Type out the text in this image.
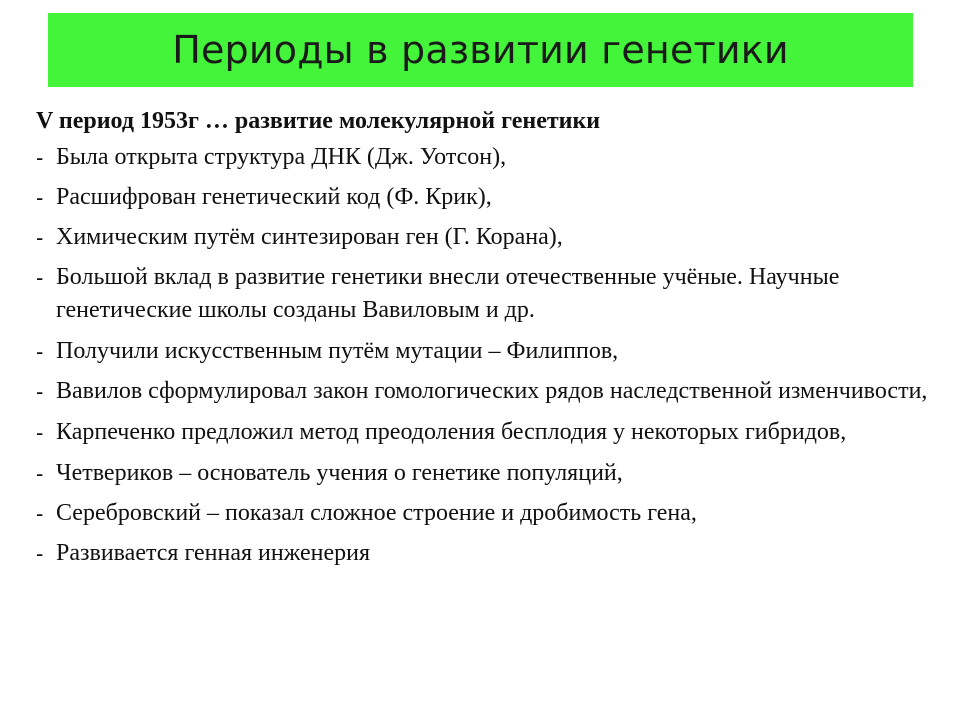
Периоды в развитии генетики
V период 1953г … развитие молекулярной генетики
- Была открыта структура ДНК (Дж. Уотсон),
- Расшифрован генетический код (Ф. Крик),
- Химическим путём синтезирован ген (Г. Корана),
- Большой вклад в развитие генетики внесли отечественные учёные. Научные генетические школы созданы Вавиловым и др.
- Получили искусственным путём мутации – Филиппов,
- Вавилов сформулировал закон гомологических рядов наследственной изменчивости,
- Карпеченко предложил метод преодоления бесплодия у некоторых гибридов,
- Четвериков – основатель учения о генетике популяций,
- Серебровский – показал сложное строение и дробимость гена,
- Развивается генная инженерия
